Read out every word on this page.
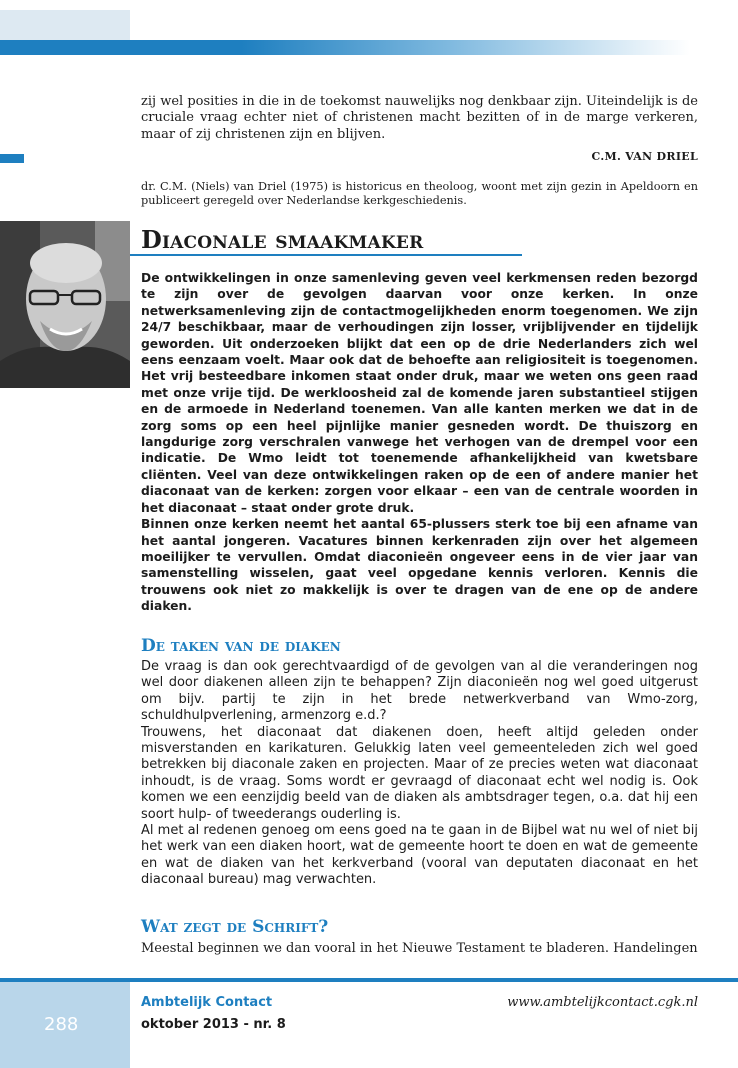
zij wel posities in die in de toekomst nauwelijks nog denkbaar zijn. Uiteindelijk is de cruciale vraag echter niet of christenen macht bezitten of in de marge verkeren, maar of zij christenen zijn en blijven.
C.M. VAN DRIEL
dr. C.M. (Niels) van Driel (1975) is historicus en theoloog, woont met zijn gezin in Apeldoorn en publiceert geregeld over Nederlandse kerkgeschiedenis.
Diaconale smaakmaker

De ontwikkelingen in onze samenleving geven veel kerkmensen reden bezorgd te zijn over de gevolgen daarvan voor onze kerken. In onze netwerksamenleving zijn de contactmogelijkheden enorm toegenomen. We zijn 24/7 beschikbaar, maar de verhoudingen zijn losser, vrijblijvender en tijdelijk geworden. Uit onderzoeken blijkt dat een op de drie Nederlanders zich wel eens eenzaam voelt. Maar ook dat de behoefte aan religiositeit is toegenomen. Het vrij besteedbare inkomen staat onder druk, maar we weten ons geen raad met onze vrije tijd. De werkloosheid zal de komende jaren substantieel stijgen en de armoede in Nederland toenemen. Van alle kanten merken we dat in de zorg soms op een heel pijnlijke manier gesneden wordt. De thuiszorg en langdurige zorg verschralen vanwege het verhogen van de drempel voor een indicatie. De Wmo leidt tot toenemende afhankelijkheid van kwetsbare cliënten. Veel van deze ontwikkelingen raken op de een of andere manier het diaconaat van de kerken: zorgen voor elkaar – een van de centrale woorden in het diaconaat – staat onder grote druk.

Binnen onze kerken neemt het aantal 65-plussers sterk toe bij een afname van het aantal jongeren. Vacatures binnen kerkenraden zijn over het algemeen moeilijker te vervullen. Omdat diaconieën ongeveer eens in de vier jaar van samenstelling wisselen, gaat veel opgedane kennis verloren. Kennis die trouwens ook niet zo makkelijk is over te dragen van de ene op de andere diaken.

De taken van de diaken

De vraag is dan ook gerechtvaardigd of de gevolgen van al die veranderingen nog wel door diakenen alleen zijn te behappen? Zijn diaconieën nog wel goed uitgerust om bijv. partij te zijn in het brede netwerkverband van Wmo-zorg, schuldhulpverlening, armenzorg e.d.?

Trouwens, het diaconaat dat diakenen doen, heeft altijd geleden onder misverstanden en karikaturen. Gelukkig laten veel gemeenteleden zich wel goed betrekken bij diaconale zaken en projecten. Maar of ze precies weten wat diaconaat inhoudt, is de vraag. Soms wordt er gevraagd of diaconaat echt wel nodig is. Ook komen we een eenzijdig beeld van de diaken als ambtsdrager tegen, o.a. dat hij een soort hulp- of tweederangs ouderling is.

Al met al redenen genoeg om eens goed na te gaan in de Bijbel wat nu wel of niet bij het werk van een diaken hoort, wat de gemeente hoort te doen en wat de gemeente en wat de diaken van het kerkverband (vooral van deputaten diaconaat en het diaconaal bureau) mag verwachten.

Wat zegt de Schrift?
Meestal beginnen we dan vooral in het Nieuwe Testament te bladeren. Handelingen
Ambtelijk Contact
oktober 2013 - nr. 8
www.ambtelijkcontact.cgk.nl
288
